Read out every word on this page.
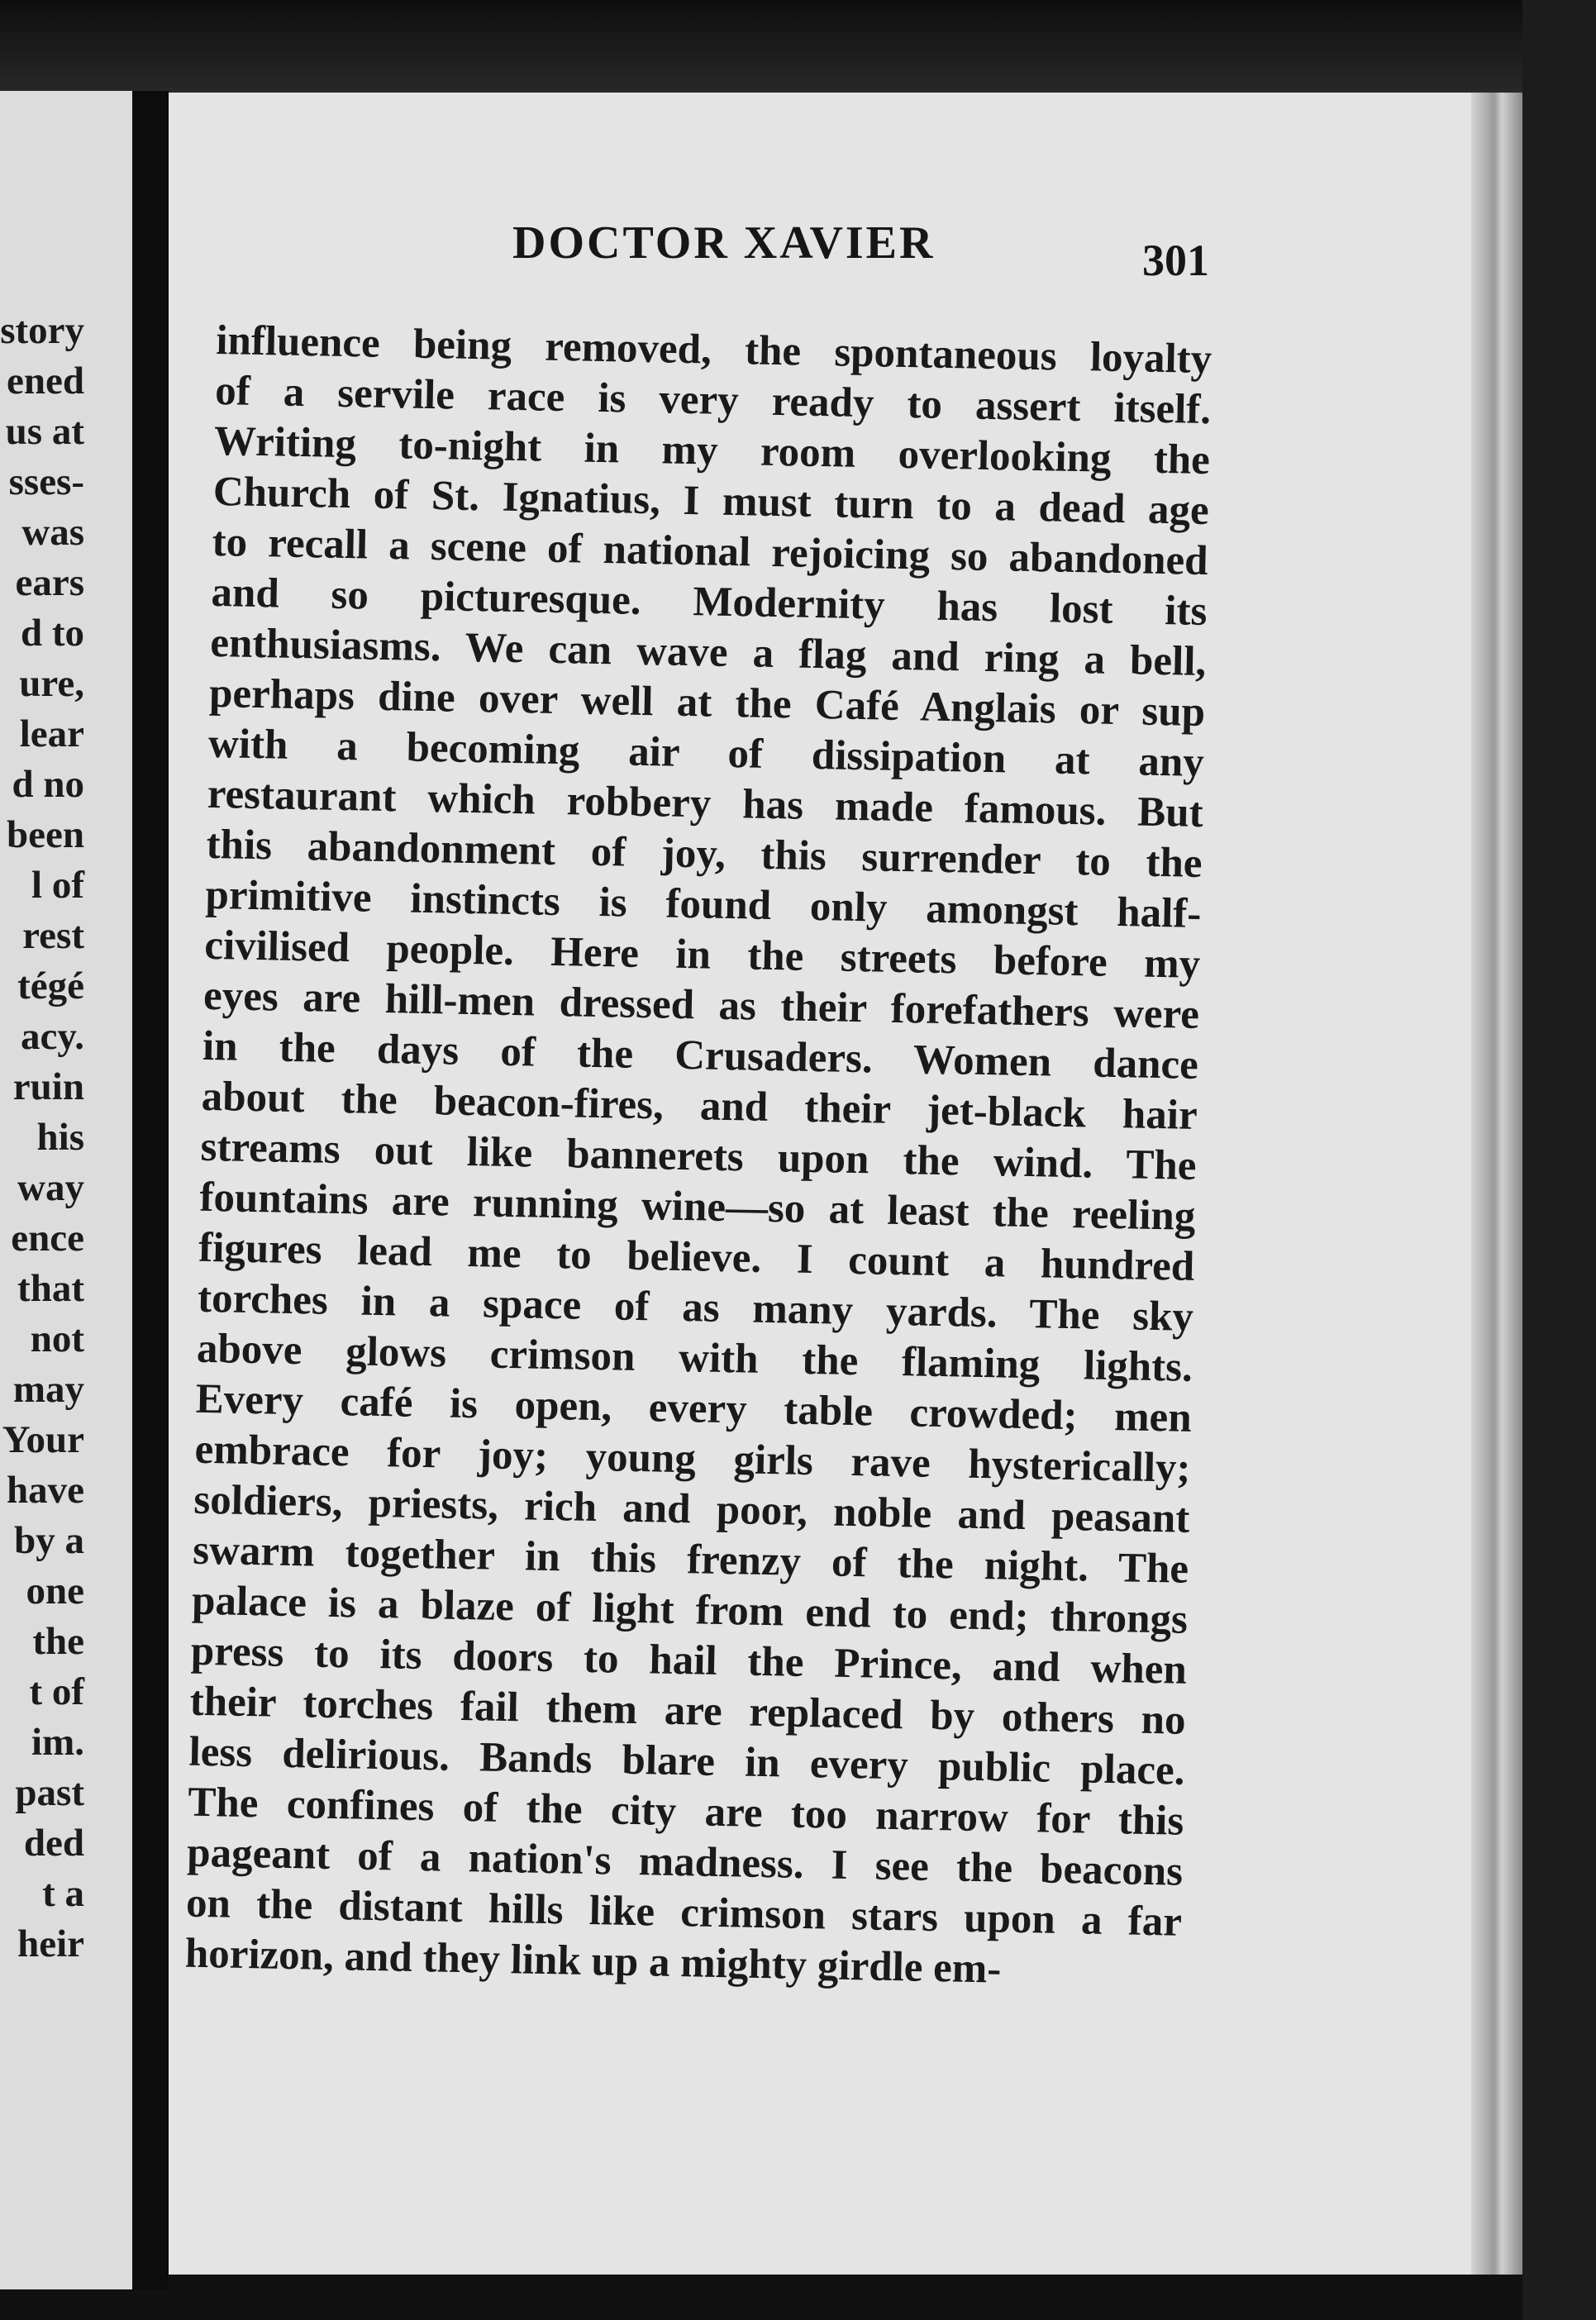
story
ened
us at
sses-
was
ears
d to
ure,
lear
d no
been
l of
rest
tégé
acy.
ruin
his
way
ence
that
not
may
Your
have
by a
one
the
t of
im.
past
ded
t a
heir
DOCTOR XAVIER	301
influence being removed, the spontaneous loyalty
of a servile race is very ready to assert itself.
Writing to-night in my room overlooking the
Church of St. Ignatius, I must turn to a dead age
to recall a scene of national rejoicing so abandoned
and so picturesque. Modernity has lost its
enthusiasms. We can wave a flag and ring a bell,
perhaps dine over well at the Café Anglais or sup
with a becoming air of dissipation at any
restaurant which robbery has made famous. But
this abandonment of joy, this surrender to the
primitive instincts is found only amongst half-
civilised people. Here in the streets before my
eyes are hill-men dressed as their forefathers were
in the days of the Crusaders. Women dance
about the beacon-fires, and their jet-black hair
streams out like bannerets upon the wind. The
fountains are running wine—so at least the reeling
figures lead me to believe. I count a hundred
torches in a space of as many yards. The sky
above glows crimson with the flaming lights.
Every café is open, every table crowded; men
embrace for joy; young girls rave hysterically;
soldiers, priests, rich and poor, noble and peasant
swarm together in this frenzy of the night. The
palace is a blaze of light from end to end; throngs
press to its doors to hail the Prince, and when
their torches fail them are replaced by others no
less delirious. Bands blare in every public place.
The confines of the city are too narrow for this
pageant of a nation's madness. I see the beacons
on the distant hills like crimson stars upon a far
horizon, and they link up a mighty girdle em-
